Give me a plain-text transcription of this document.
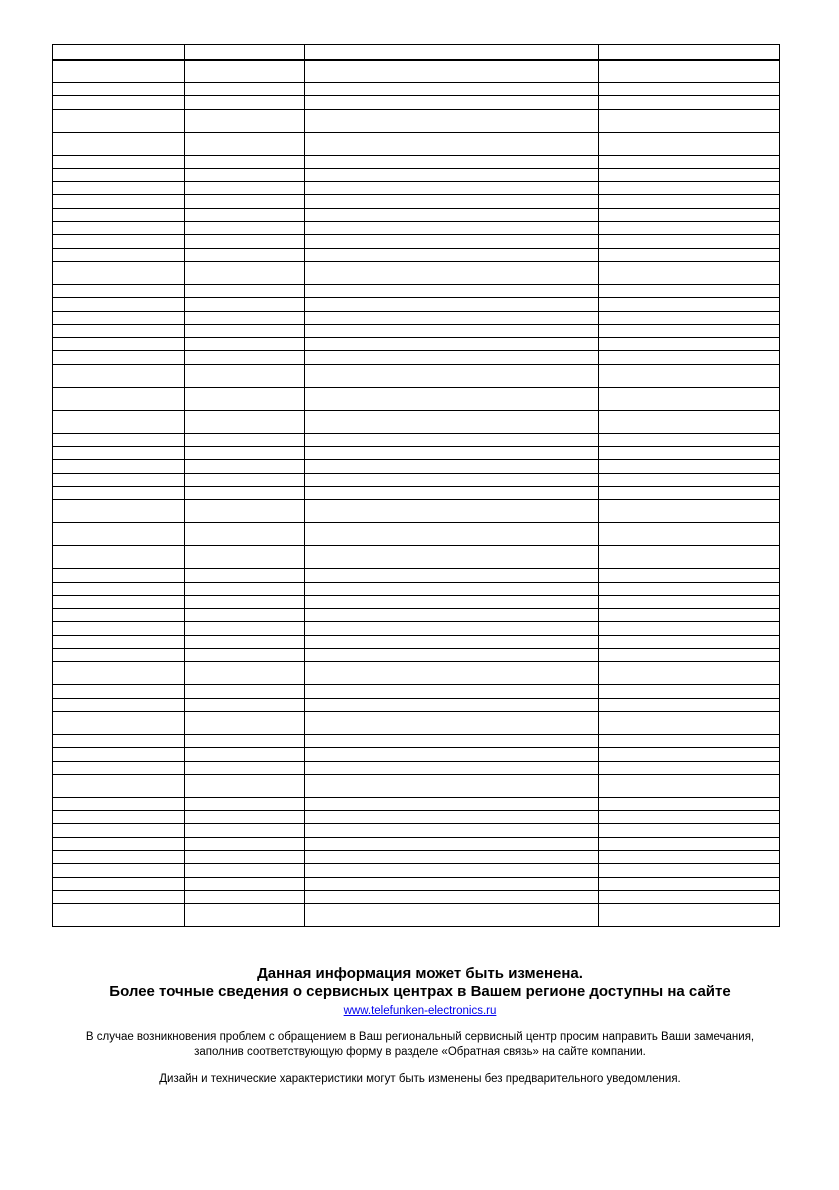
Данная информация может быть изменена.

Более точные сведения о сервисных центрах в Вашем регионе доступны на сайте

www.telefunken-electronics.ru

В случае возникновения проблем с обращением в Ваш региональный сервисный центр просим направить Ваши замечания,

заполнив соответствующую форму в разделе «Обратная связь» на сайте компании.

Дизайн и технические характеристики могут быть изменены без предварительного уведомления.
